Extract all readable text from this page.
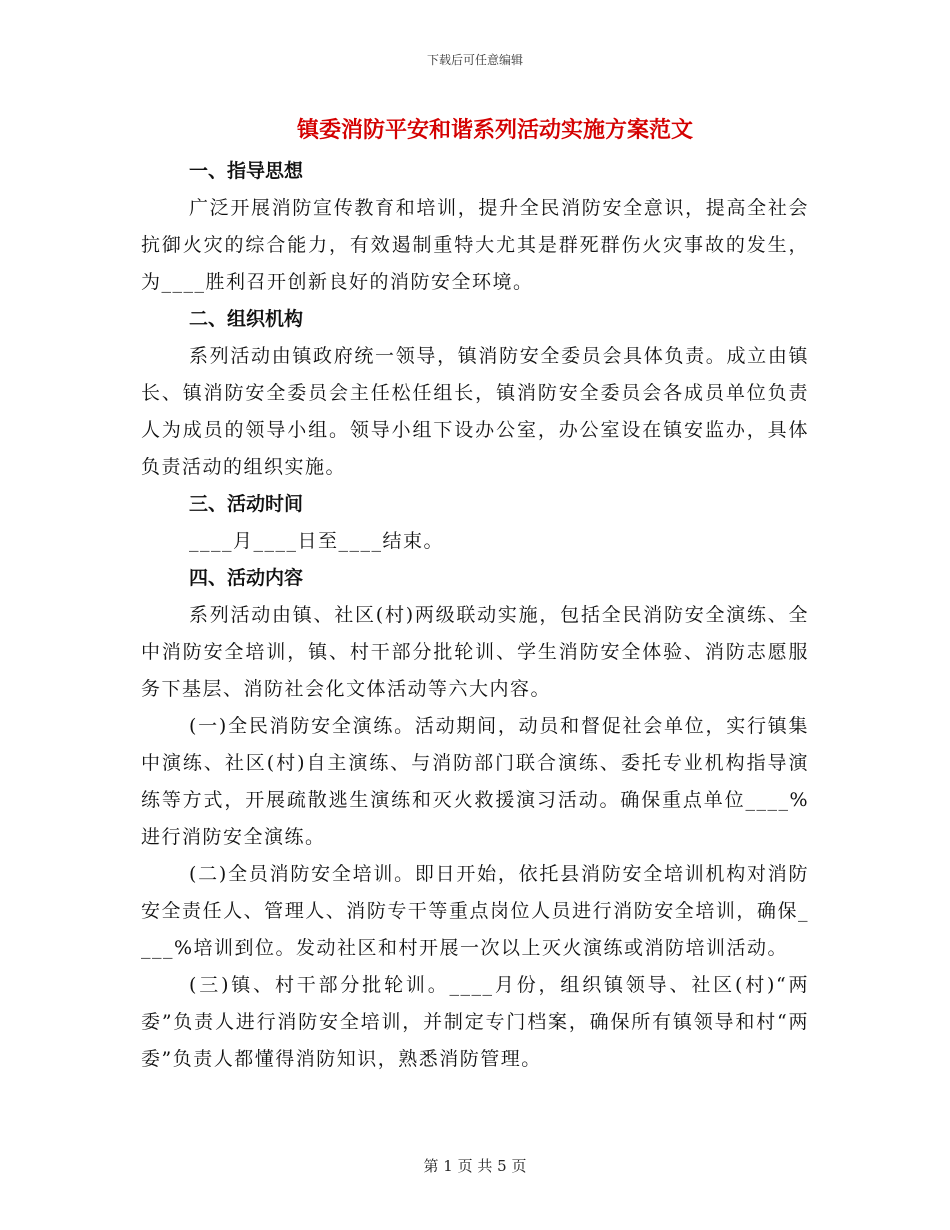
下载后可任意编辑
镇委消防平安和谐系列活动实施方案范文
一、指导思想

广泛开展消防宣传教育和培训，提升全民消防安全意识，提高全社会抗御火灾的综合能力，有效遏制重特大尤其是群死群伤火灾事故的发生，为____胜利召开创新良好的消防安全环境。

二、组织机构

系列活动由镇政府统一领导，镇消防安全委员会具体负责。成立由镇长、镇消防安全委员会主任松任组长，镇消防安全委员会各成员单位负责人为成员的领导小组。领导小组下设办公室，办公室设在镇安监办，具体负责活动的组织实施。

三、活动时间

____月____日至____结束。

四、活动内容

系列活动由镇、社区(村)两级联动实施，包括全民消防安全演练、全中消防安全培训，镇、村干部分批轮训、学生消防安全体验、消防志愿服务下基层、消防社会化文体活动等六大内容。

(一)全民消防安全演练。活动期间，动员和督促社会单位，实行镇集中演练、社区(村)自主演练、与消防部门联合演练、委托专业机构指导演练等方式，开展疏散逃生演练和灭火救援演习活动。确保重点单位____%进行消防安全演练。

(二)全员消防安全培训。即日开始，依托县消防安全培训机构对消防安全责任人、管理人、消防专干等重点岗位人员进行消防安全培训，确保____%培训到位。发动社区和村开展一次以上灭火演练或消防培训活动。

(三)镇、村干部分批轮训。____月份，组织镇领导、社区(村)“两委”负责人进行消防安全培训，并制定专门档案，确保所有镇领导和村“两委”负责人都懂得消防知识，熟悉消防管理。

第 1 页 共 5 页
